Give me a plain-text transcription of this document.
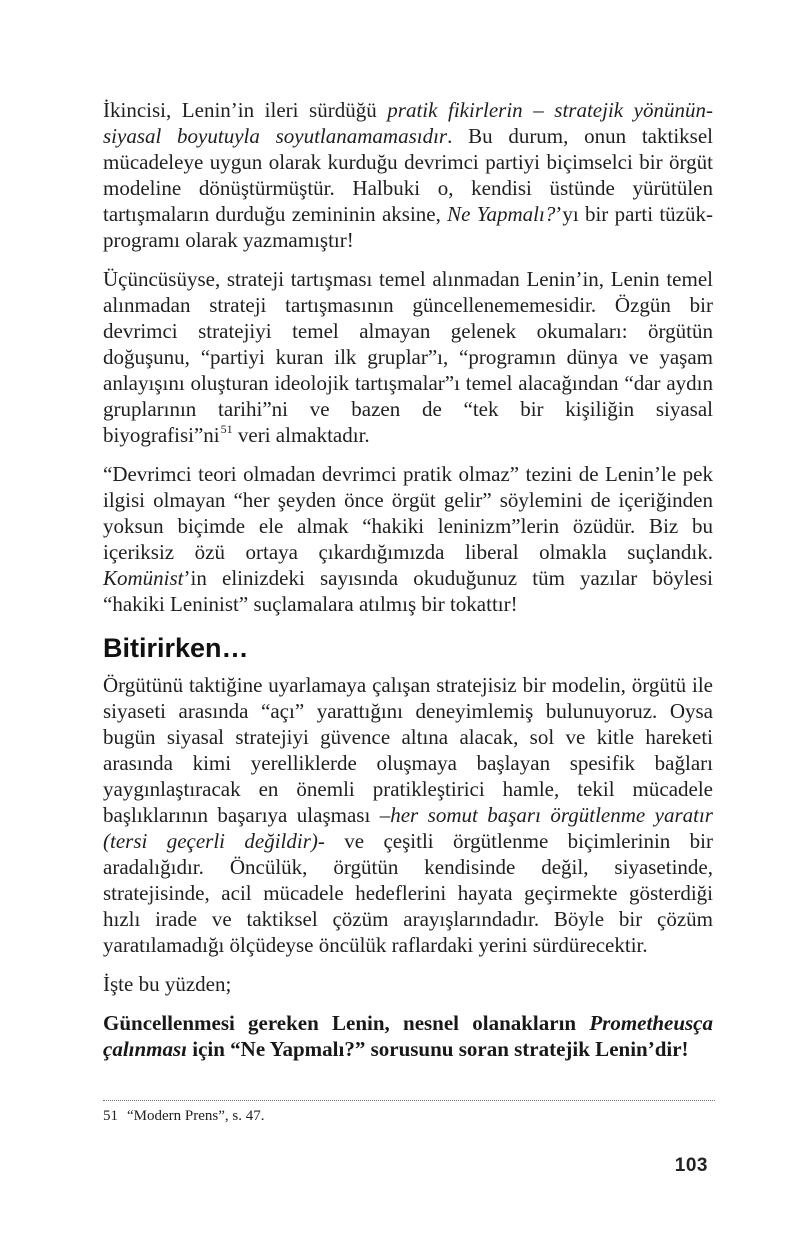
İkincisi, Lenin’in ileri sürdüğü pratik fikirlerin – stratejik yönünün-siyasal boyutuyla soyutlanamamasıdır. Bu durum, onun taktiksel mücadeleye uygun olarak kurduğu devrimci partiyi biçimselci bir örgüt modeline dönüştürmüştür. Halbuki o, kendisi üstünde yürütülen tartışmaların durduğu zemininin aksine, Ne Yapmalı?’yı bir parti tüzük-programı olarak yazmamıştır!

Üçüncüsüyse, strateji tartışması temel alınmadan Lenin’in, Lenin temel alınmadan strateji tartışmasının güncellenememesidir. Özgün bir devrimci stratejiyi temel almayan gelenek okumaları: örgütün doğuşunu, “partiyi kuran ilk gruplar”ı, “programın dünya ve yaşam anlayışını oluşturan ideolojik tartışmalar”ı temel alacağından “dar aydın gruplarının tarihi”ni ve bazen de “tek bir kişiliğin siyasal $biyografisi”ni^{51}$ veri almaktadır.

“Devrimci teori olmadan devrimci pratik olmaz” tezini de Lenin’le pek ilgisi olmayan “her şeyden önce örgüt gelir” söylemini de içeriğinden yoksun biçimde ele almak “hakiki leninizm”lerin özüdür. Biz bu içeriksiz özü ortaya çıkardığımızda liberal olmakla suçlandık. Komünist’in elinizdeki sayısında okuduğunuz tüm yazılar böylesi “hakiki Leninist” suçlamalara atılmış bir tokattır!

Bitirirken…

Örgütünü taktiğine uyarlamaya çalışan stratejisiz bir modelin, örgütü ile siyaseti arasında “açı” yarattığını deneyimlemiş bulunuyoruz. Oysa bugün siyasal stratejiyi güvence altına alacak, sol ve kitle hareketi arasında kimi yerelliklerde oluşmaya başlayan spesifik bağları yaygınlaştıracak en önemli pratikleştirici hamle, tekil mücadele başlıklarının başarıya ulaşması –her somut başarı örgütlenme yaratır (tersi geçerli değildir)- ve çeşitli örgütlenme biçimlerinin bir aradalığıdır. Öncülük, örgütün kendisinde değil, siyasetinde, stratejisinde, acil mücadele hedeflerini hayata geçirmekte gösterdiği hızlı irade ve taktiksel çözüm arayışlarındadır. Böyle bir çözüm yaratılamadığı ölçüdeyse öncülük raflardaki yerini sürdürecektir.

İşte bu yüzden;

Güncellenmesi gereken Lenin, nesnel olanakların Prometheusça çalınması için “Ne Yapmalı?” sorusunu soran stratejik Lenin’dir!

51 “Modern Prens”, s. 47.

103
